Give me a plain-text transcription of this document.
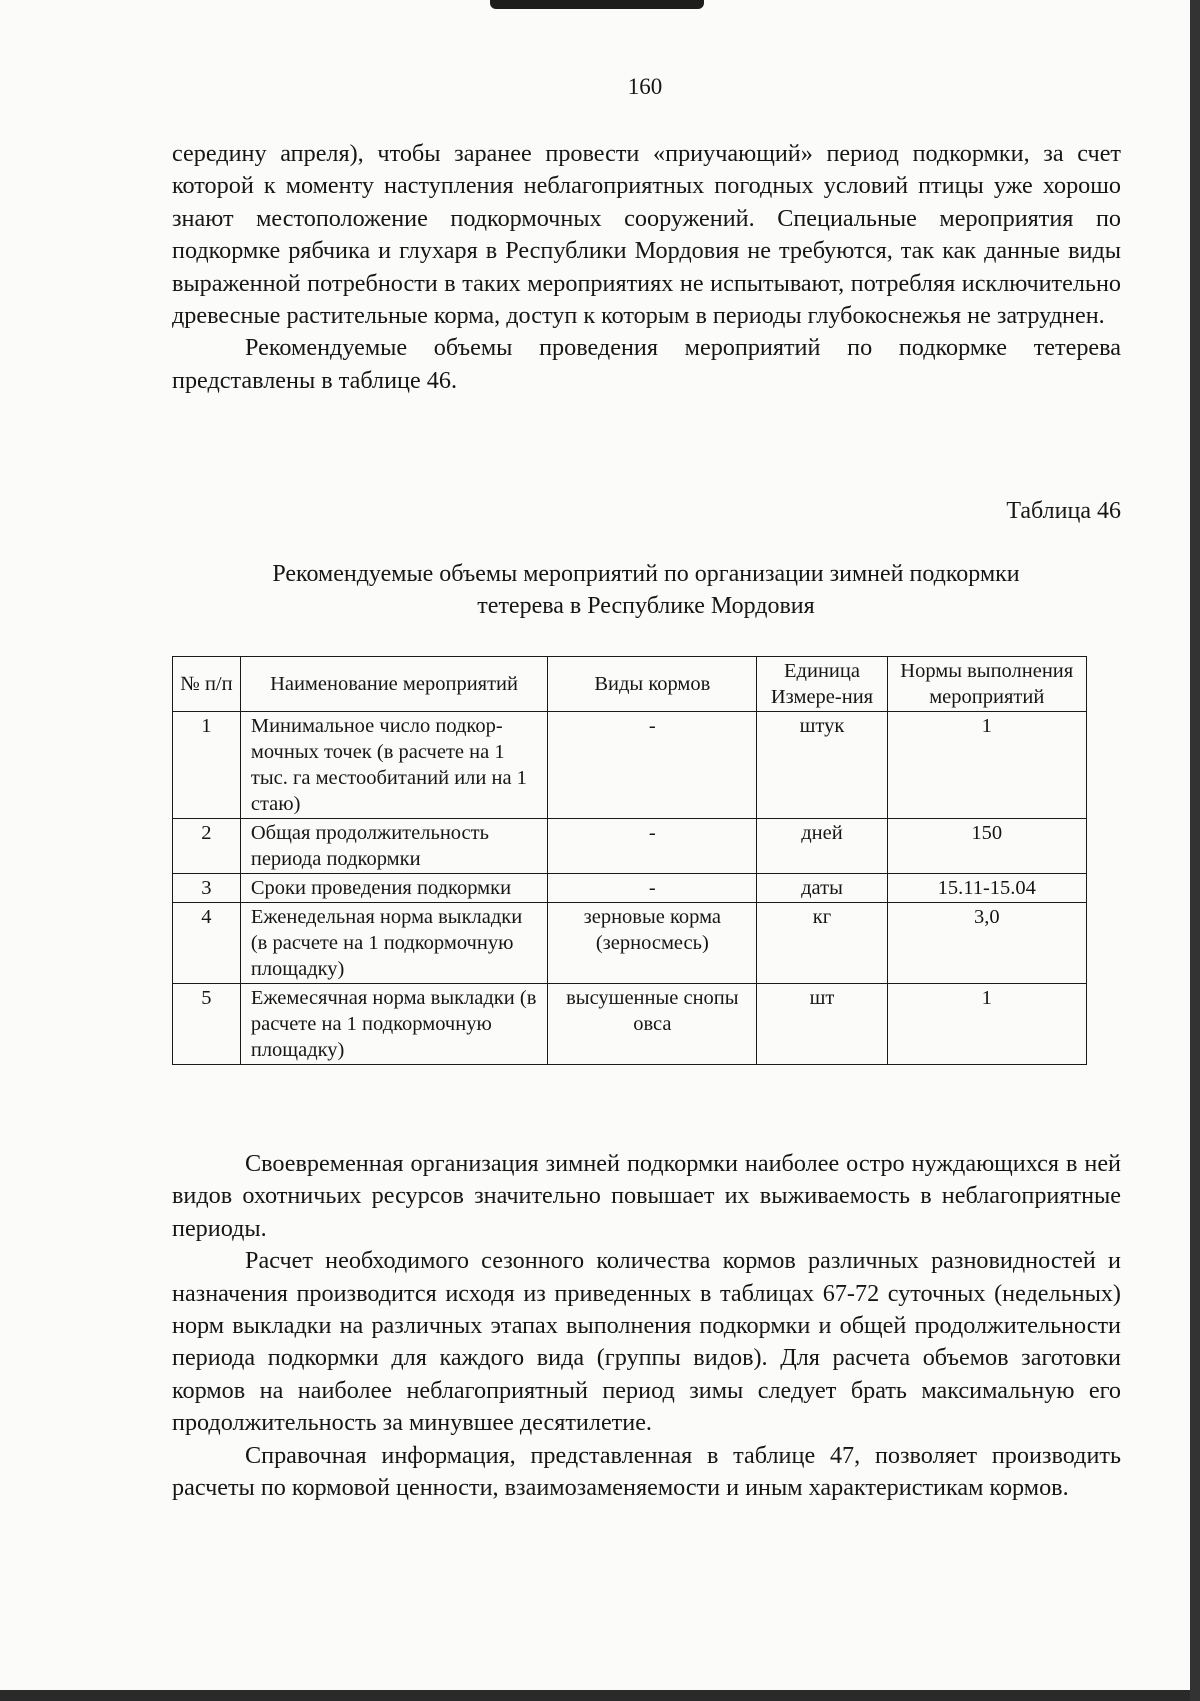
160

середину апреля), чтобы заранее провести «приучающий» период подкормки, за счет которой к моменту наступления неблагоприятных погодных условий птицы уже хорошо знают местоположение подкормочных сооружений. Специальные мероприятия по подкормке рябчика и глухаря в Республики Мордовия не требуются, так как данные виды выраженной потребности в таких мероприятиях не испытывают, потребляя исключительно древесные растительные корма, доступ к которым в периоды глубокоснежья не затруднен.

Рекомендуемые объемы проведения мероприятий по подкормке тетерева представлены в таблице 46.

Таблица 46
Рекомендуемые объемы мероприятий по организации зимней подкормки
тетерева в Республике Мордовия
№ п/п	Наименование мероприятий	Виды кормов	Единица Измере-ния	Нормы выполнения мероприятий
1	Минимальное число подкор-мочных точек (в расчете на 1 тыс. га местообитаний или на 1 стаю)	-	штук	1
2	Общая продолжительность периода подкормки	-	дней	150
3	Сроки проведения подкормки	-	даты	15.11-15.04
4	Еженедельная норма выкладки (в расчете на 1 подкормочную площадку)	зерновые корма (зерносмесь)	кг	3,0
5	Ежемесячная норма выкладки (в расчете на 1 подкормочную площадку)	высушенные снопы овса	шт	1

Своевременная организация зимней подкормки наиболее остро нуждающихся в ней видов охотничьих ресурсов значительно повышает их выживаемость в неблагоприятные периоды.

Расчет необходимого сезонного количества кормов различных разновидностей и назначения производится исходя из приведенных в таблицах 67-72 суточных (недельных) норм выкладки на различных этапах выполнения подкормки и общей продолжительности периода подкормки для каждого вида (группы видов). Для расчета объемов заготовки кормов на наиболее неблагоприятный период зимы следует брать максимальную его продолжительность за минувшее десятилетие.

Справочная информация, представленная в таблице 47, позволяет производить расчеты по кормовой ценности, взаимозаменяемости и иным характеристикам кормов.
